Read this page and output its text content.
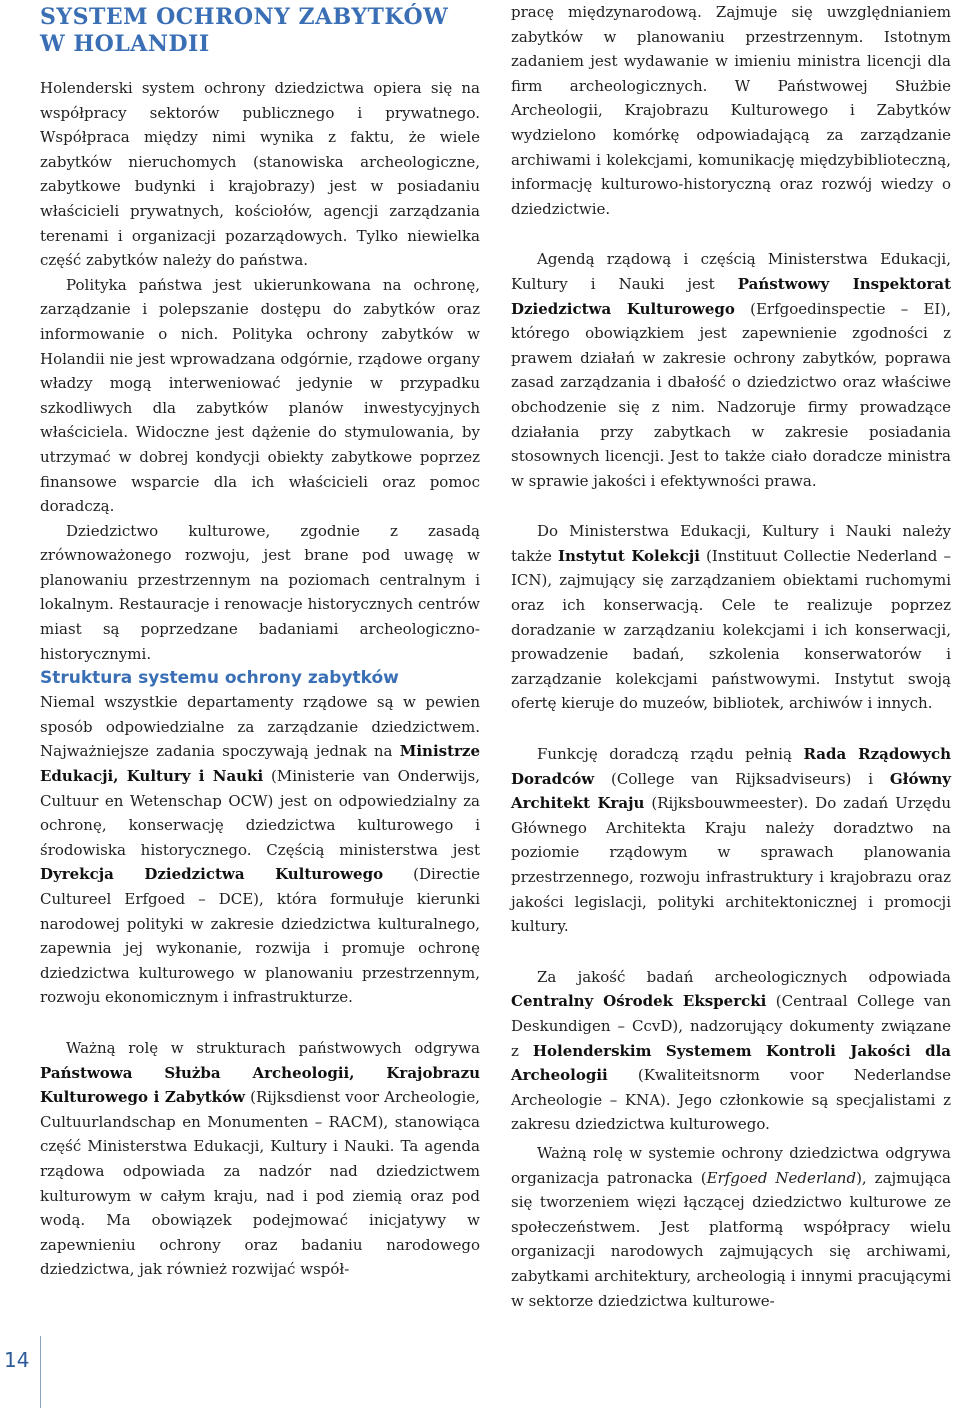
14
SYSTEM OCHRONY ZABYTKÓW
W HOLANDII

Holenderski system ochrony dziedzictwa opiera się na współpracy sektorów publicznego i prywatnego. Współpraca między nimi wynika z faktu, że wiele zabytków nieruchomych (stanowiska archeologiczne, zabytkowe budynki i krajobrazy) jest w posiadaniu właścicieli prywatnych, kościołów, agencji zarządzania terenami i organizacji pozarządowych. Tylko niewielka część zabytków należy do państwa.

Polityka państwa jest ukierunkowana na ochronę, zarządzanie i polepszanie dostępu do zabytków oraz informowanie o nich. Polityka ochrony zabytków w Holandii nie jest wprowadzana odgórnie, rządowe organy władzy mogą interweniować jedynie w przypadku szkodliwych dla zabytków planów inwestycyjnych właściciela. Widoczne jest dążenie do stymulowania, by utrzymać w dobrej kondycji obiekty zabytkowe poprzez finansowe wsparcie dla ich właścicieli oraz pomoc doradczą.

Dziedzictwo kulturowe, zgodnie z zasadą zrównoważonego rozwoju, jest brane pod uwagę w planowaniu przestrzennym na poziomach centralnym i lokalnym. Restauracje i renowacje historycznych centrów miast są poprzedzane badaniami archeologiczno-historycznymi.

Struktura systemu ochrony zabytków

Niemal wszystkie departamenty rządowe są w pewien sposób odpowiedzialne za zarządzanie dziedzictwem. Najważniejsze zadania spoczywają jednak na Ministrze Edukacji, Kultury i Nauki (Ministerie van Onderwijs, Cultuur en Wetenschap OCW) jest on odpowiedzialny za ochronę, konserwację dziedzictwa kulturowego i środowiska historycznego. Częścią ministerstwa jest Dyrekcja Dziedzictwa Kulturowego (Directie Cultureel Erfgoed – DCE), która formułuje kierunki narodowej polityki w zakresie dziedzictwa kulturalnego, zapewnia jej wykonanie, rozwija i promuje ochronę dziedzictwa kulturowego w planowaniu przestrzennym, rozwoju ekonomicznym i infrastrukturze.

Ważną rolę w strukturach państwowych odgrywa Państwowa Służba Archeologii, Krajobrazu Kulturowego i Zabytków (Rijksdienst voor Archeologie, Cultuurlandschap en Monumenten – RACM), stanowiąca część Ministerstwa Edukacji, Kultury i Nauki. Ta agenda rządowa odpowiada za nadzór nad dziedzictwem kulturowym w całym kraju, nad i pod ziemią oraz pod wodą. Ma obowiązek podejmować inicjatywy w zapewnieniu ochrony oraz badaniu narodowego dziedzictwa, jak również rozwijać współ-

pracę międzynarodową. Zajmuje się uwzględnianiem zabytków w planowaniu przestrzennym. Istotnym zadaniem jest wydawanie w imieniu ministra licencji dla firm archeologicznych. W Państwowej Służbie Archeologii, Krajobrazu Kulturowego i Zabytków wydzielono komórkę odpowiadającą za zarządzanie archiwami i kolekcjami, komunikację międzybiblioteczną, informację kulturowo-historyczną oraz rozwój wiedzy o dziedzictwie.

Agendą rządową i częścią Ministerstwa Edukacji, Kultury i Nauki jest Państwowy Inspektorat Dziedzictwa Kulturowego (Erfgoedinspectie – EI), którego obowiązkiem jest zapewnienie zgodności z prawem działań w zakresie ochrony zabytków, poprawa zasad zarządzania i dbałość o dziedzictwo oraz właściwe obchodzenie się z nim. Nadzoruje firmy prowadzące działania przy zabytkach w zakresie posiadania stosownych licencji. Jest to także ciało doradcze ministra w sprawie jakości i efektywności prawa.

Do Ministerstwa Edukacji, Kultury i Nauki należy także Instytut Kolekcji (Instituut Collectie Nederland – ICN), zajmujący się zarządzaniem obiektami ruchomymi oraz ich konserwacją. Cele te realizuje poprzez doradzanie w zarządzaniu kolekcjami i ich konserwacji, prowadzenie badań, szkolenia konserwatorów i zarządzanie kolekcjami państwowymi. Instytut swoją ofertę kieruje do muzeów, bibliotek, archiwów i innych.

Funkcję doradczą rządu pełnią Rada Rządowych Doradców (College van Rijksadviseurs) i Główny Architekt Kraju (Rijksbouwmeester). Do zadań Urzędu Głównego Architekta Kraju należy doradztwo na poziomie rządowym w sprawach planowania przestrzennego, rozwoju infrastruktury i krajobrazu oraz jakości legislacji, polityki architektonicznej i promocji kultury.

Za jakość badań archeologicznych odpowiada Centralny Ośrodek Ekspercki (Centraal College van Deskundigen – CcvD), nadzorujący dokumenty związane z Holenderskim Systemem Kontroli Jakości dla Archeologii (Kwaliteitsnorm voor Nederlandse Archeologie – KNA). Jego członkowie są specjalistami z zakresu dziedzictwa kulturowego.

Ważną rolę w systemie ochrony dziedzictwa odgrywa organizacja patronacka (Erfgoed Nederland), zajmująca się tworzeniem więzi łączącej dziedzictwo kulturowe ze społeczeństwem. Jest platformą współpracy wielu organizacji narodowych zajmujących się archiwami, zabytkami architektury, archeologią i innymi pracującymi w sektorze dziedzictwa kulturowe-
